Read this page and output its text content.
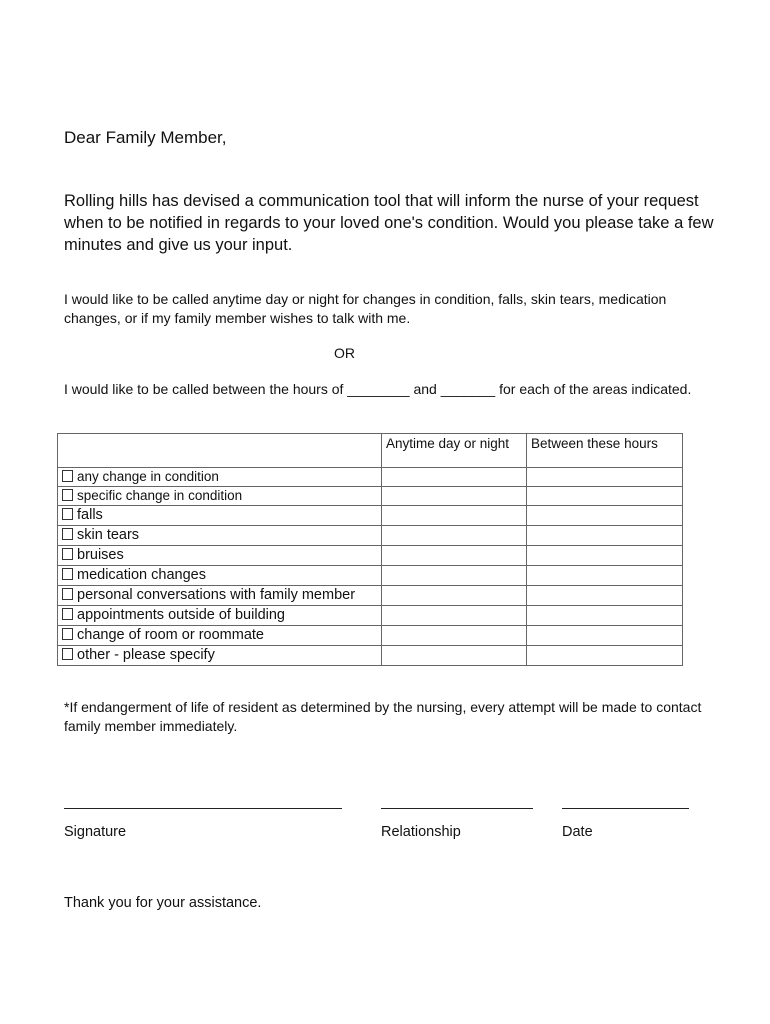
Dear Family Member,
Rolling hills has devised a communication tool that will inform the nurse of your request when to be notified in regards to your loved one's condition. Would you please take a few minutes and give us your input.
I would like to be called anytime day or night for changes in condition, falls, skin tears, medication changes, or if my family member wishes to talk with me.
OR
I would like to be called between the hours of ________ and _______ for each of the areas indicated.
	Anytime day or night	Between these hours
any change in condition		
specific change in condition		
falls		
skin tears		
bruises		
medication changes		
personal conversations with family member		
appointments outside of building		
change of room or roommate		
other - please specify		
*If endangerment of life of resident as determined by the nursing, every attempt will be made to contact family member immediately.
Signature	Relationship	Date
Thank you for your assistance.
